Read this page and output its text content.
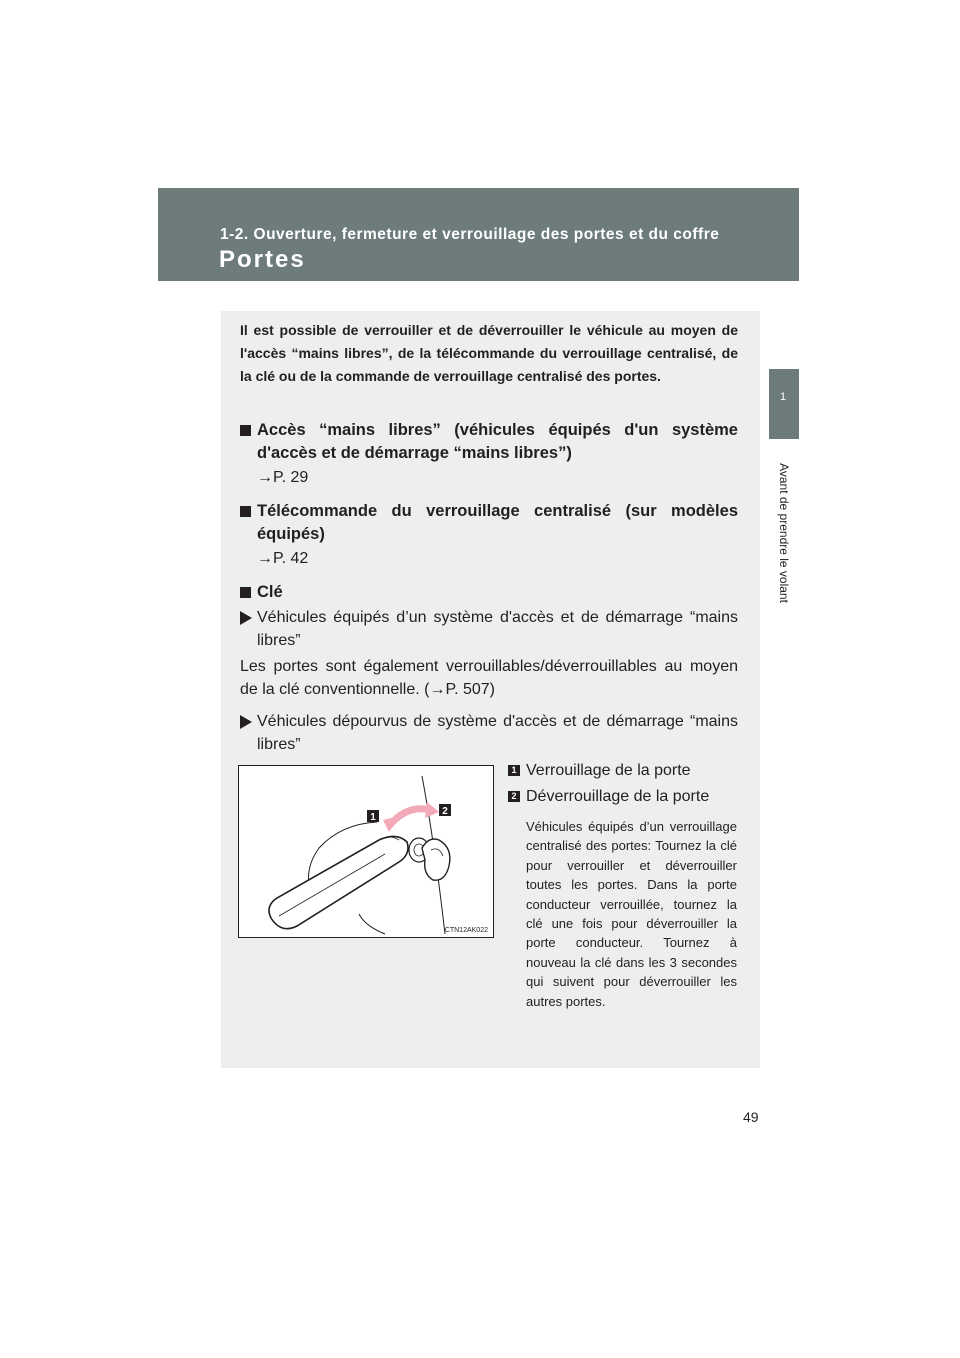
1-2. Ouverture, fermeture et verrouillage des portes et du coffre
Portes
1
Avant de prendre le volant

Il est possible de verrouiller et de déverrouiller le véhicule au moyen de l'accès “mains libres”, de la télécommande du verrouillage centralisé, de la clé ou de la commande de verrouillage centralisé des portes.

Accès “mains libres” (véhicules équipés d'un système d'accès et de démarrage “mains libres”)
→P. 29
Télécommande du verrouillage centralisé (sur modèles équipés)
→P. 42
Clé
Véhicules équipés d’un système d'accès et de démarrage “mains libres”

Les portes sont également verrouillables/déverrouillables au moyen de la clé conventionnelle. (→P. 507)

Véhicules dépourvus de système d'accès et de démarrage “mains libres”
1
2
CTN12AK022
1 Verrouillage de la porte
2 Déverrouillage de la porte

Véhicules équipés d’un verrouillage centralisé des portes: Tournez la clé pour verrouiller et déverrouiller toutes les portes. Dans la porte conducteur verrouillée, tournez la clé une fois pour déverrouiller la porte conducteur. Tournez à nouveau la clé dans les 3 secondes qui suivent pour déverrouiller les autres portes.

49
